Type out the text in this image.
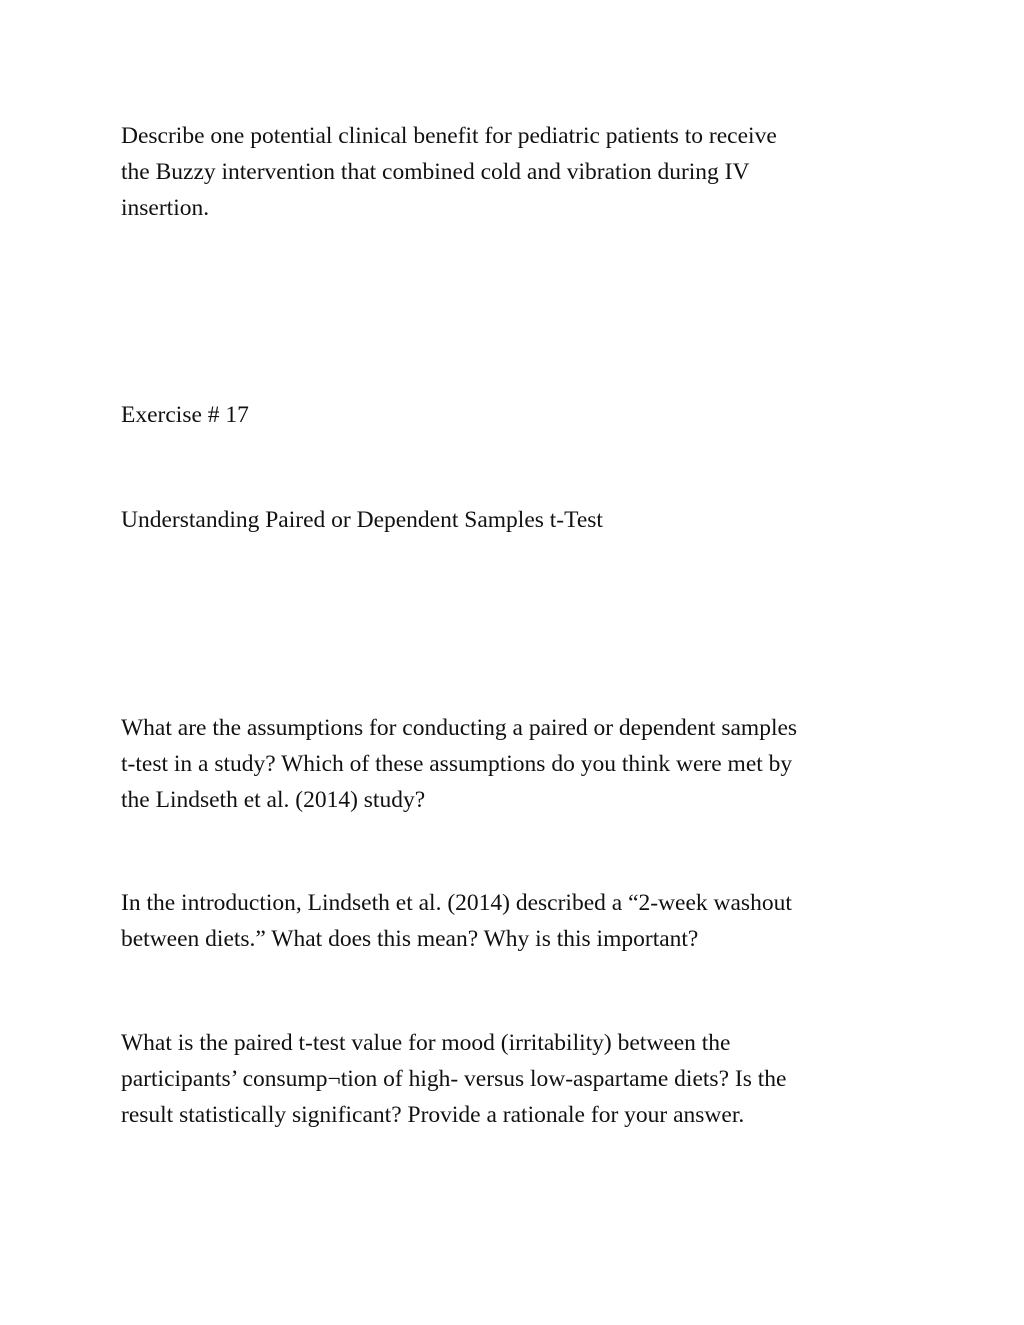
Describe one potential clinical benefit for pediatric patients to receive
the Buzzy intervention that combined cold and vibration during IV
insertion.

Exercise # 17

Understanding Paired or Dependent Samples t-Test

What are the assumptions for conducting a paired or dependent samples
t-test in a study? Which of these assumptions do you think were met by
the Lindseth et al. (2014) study?

In the introduction, Lindseth et al. (2014) described a “2-week washout
between diets.” What does this mean? Why is this important?

What is the paired t-test value for mood (irritability) between the
participants’ consump¬tion of high- versus low-aspartame diets? Is the
result statistically significant? Provide a rationale for your answer.
